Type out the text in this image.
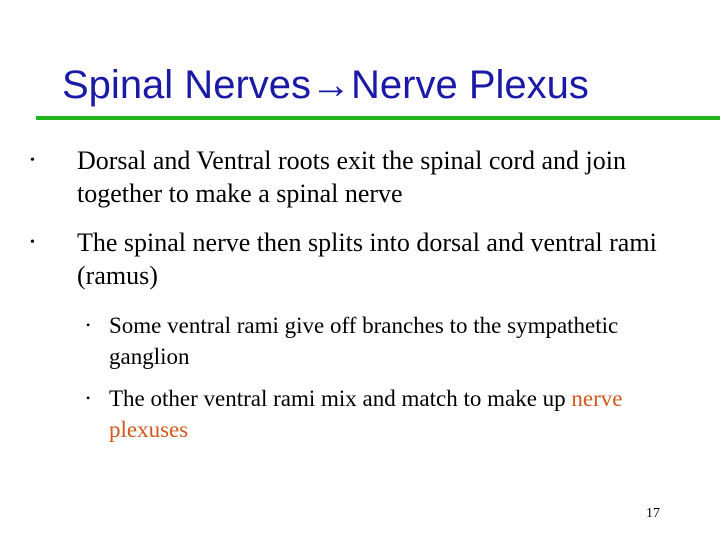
Spinal Nerves→Nerve Plexus
• Dorsal and Ventral roots exit the spinal cord and join together to make a spinal nerve
• The spinal nerve then splits into dorsal and ventral rami (ramus)
• Some ventral rami give off branches to the sympathetic ganglion
• The other ventral rami mix and match to make up nerve plexuses
17
